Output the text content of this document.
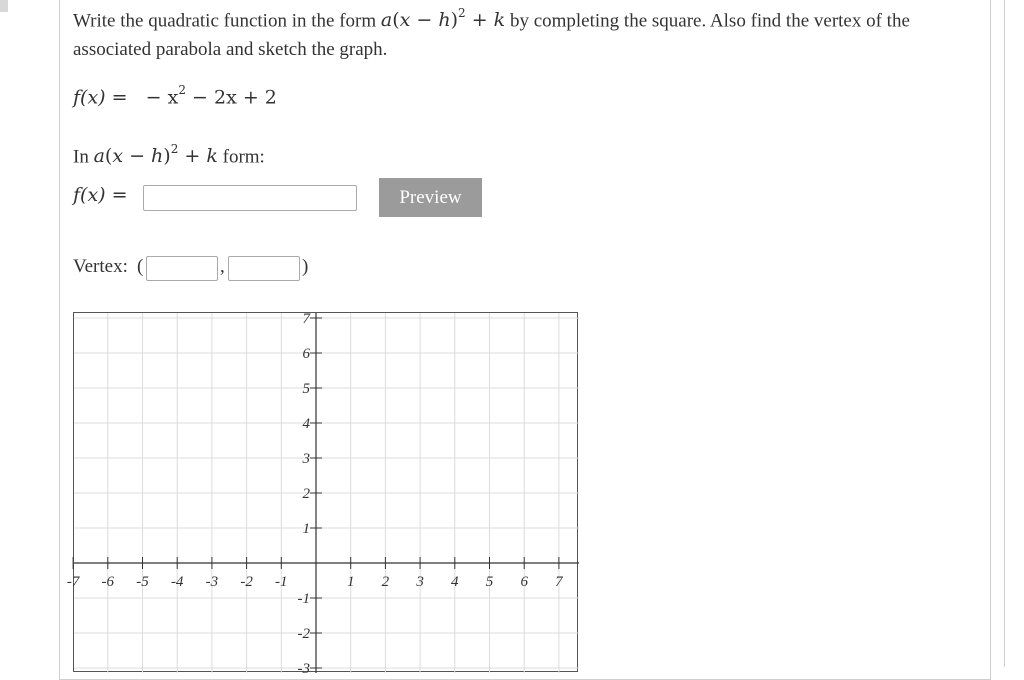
Write the quadratic function in the form $a(x - h)^2 + k$ by completing the square. Also find the vertex of the
associated parabola and sketch the graph.

f(x) = − $x^2 - 2x + 2$
In $a(x - h)^2 + k$ form:
f(x) =	Preview
Vertex: (	,	)
-7 -6 -5 -4 -3 -2 -1	1 2 3 4 5 6 7
7
6
5
4
3
2
1
-1
-2
-3
